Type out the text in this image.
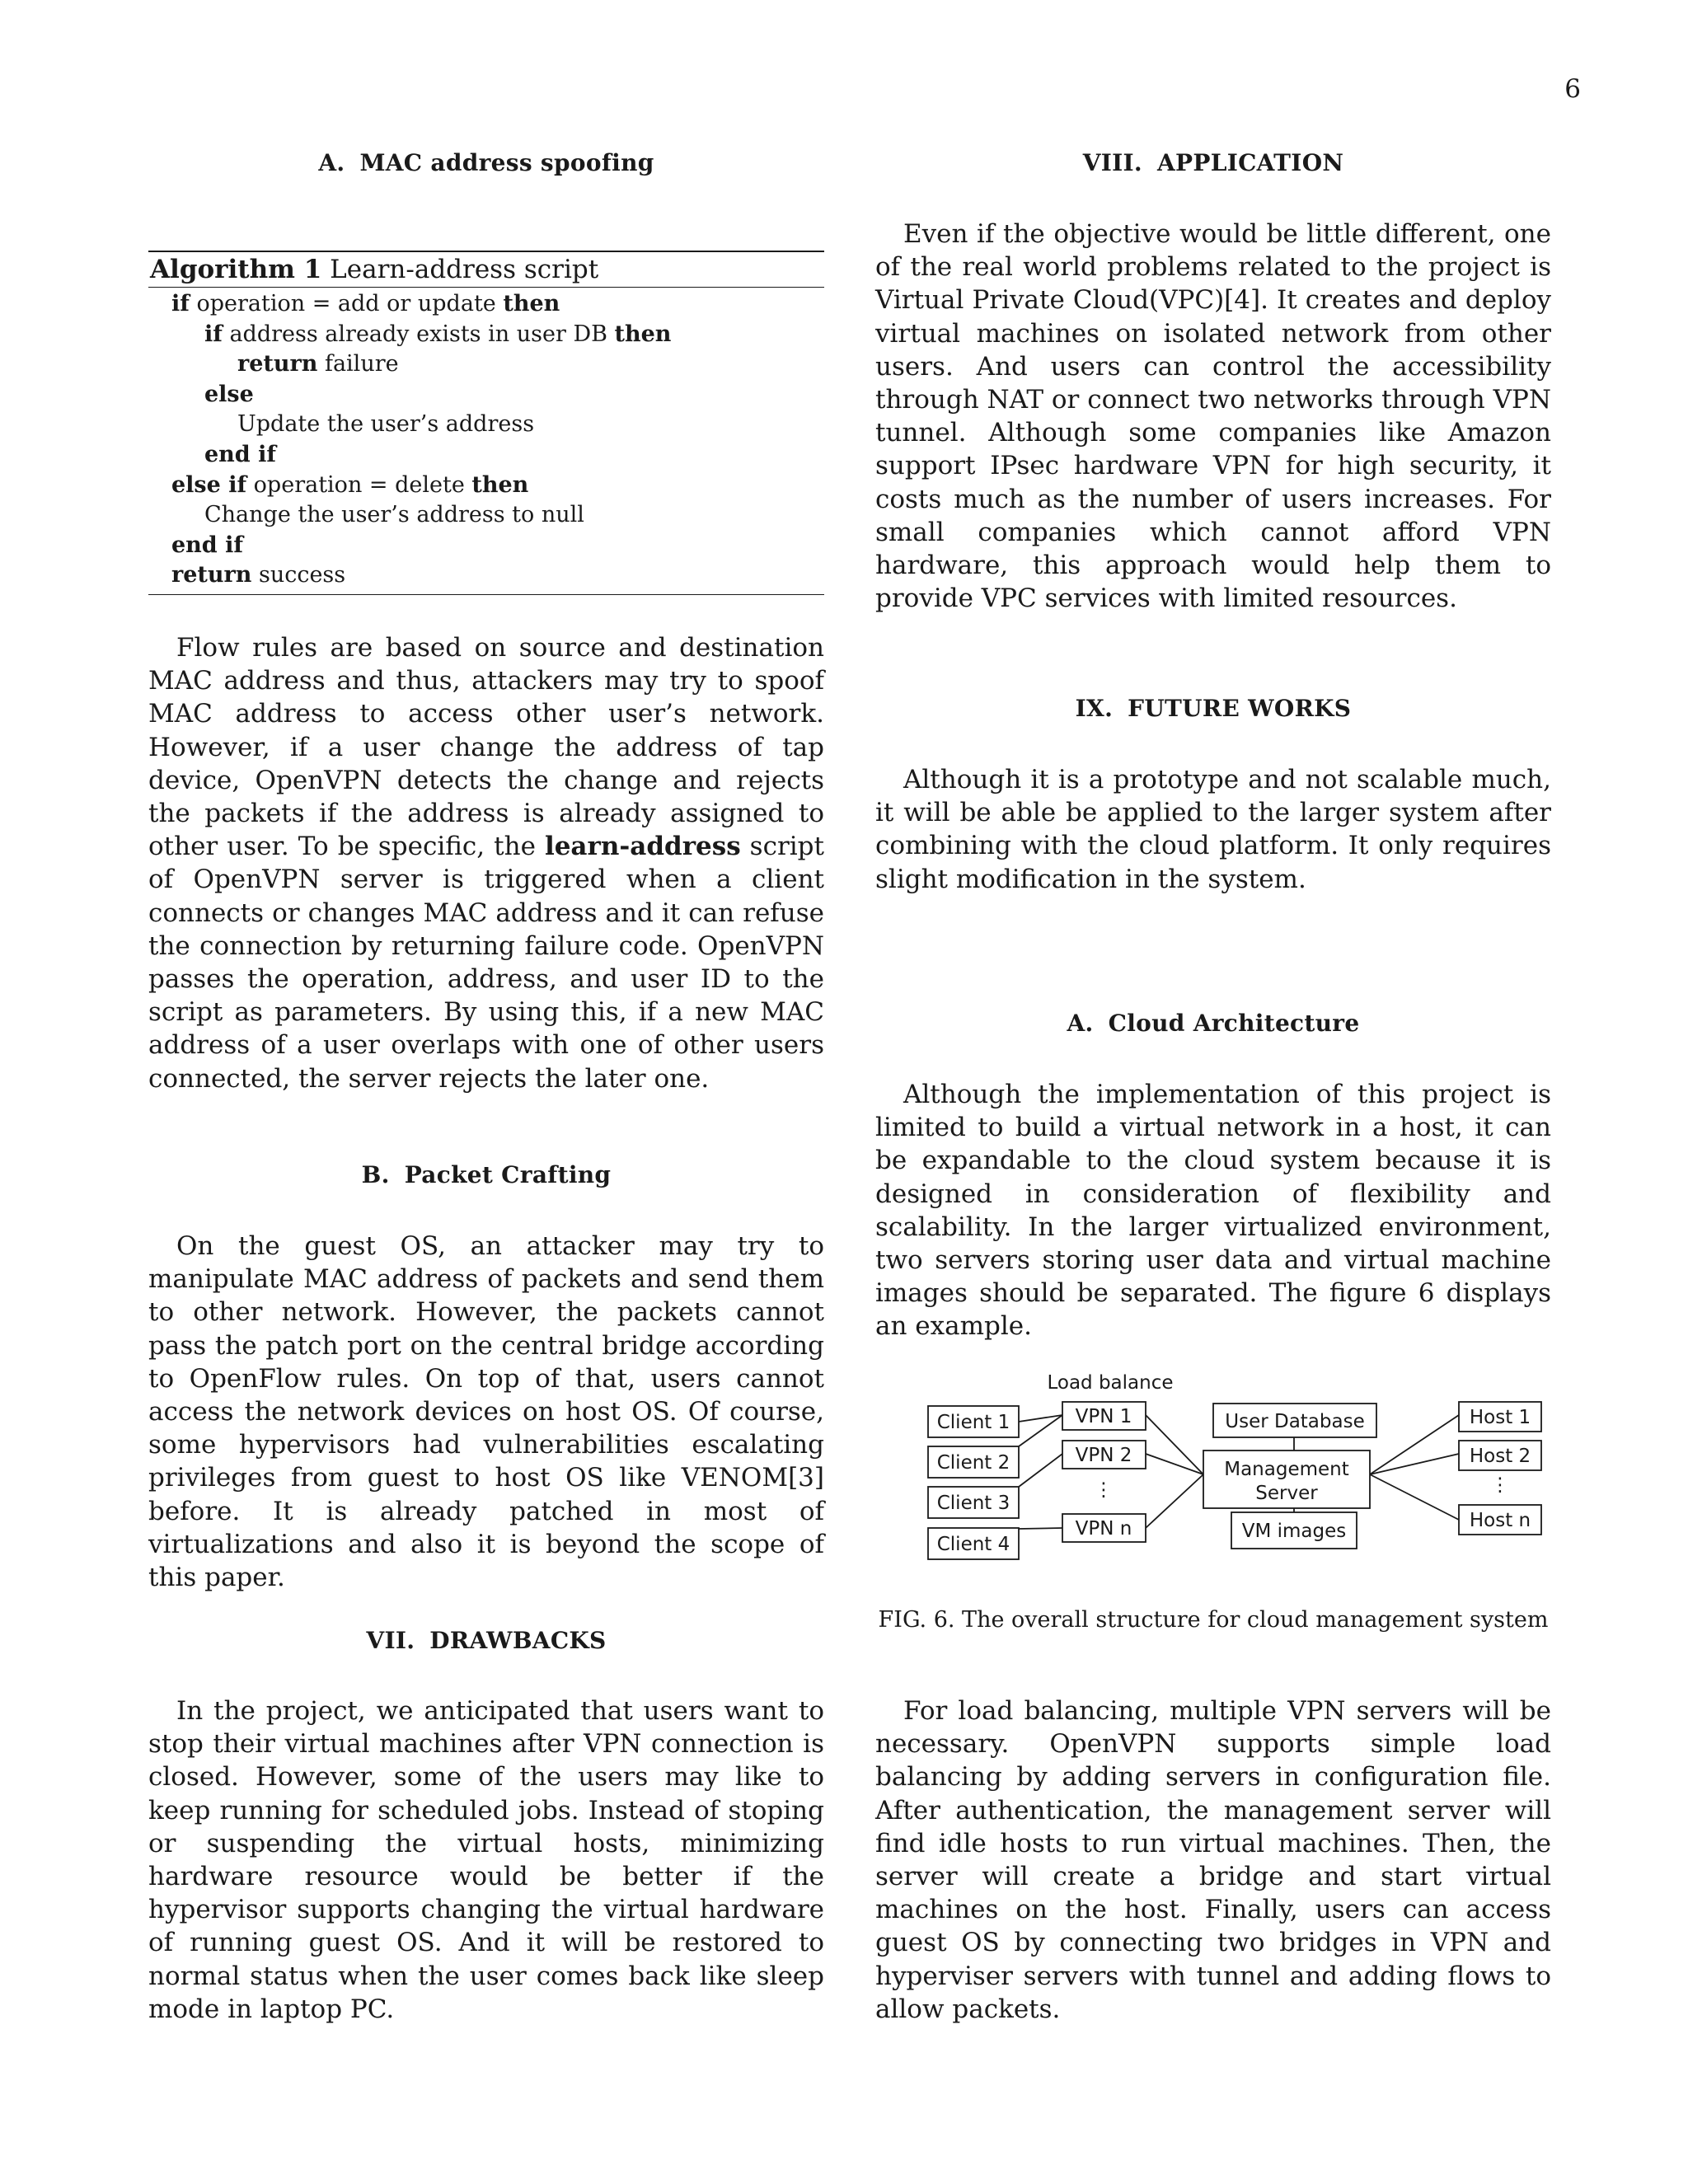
6
A. MAC address spoofing
Algorithm 1 Learn-address script
if operation = add or update then
if address already exists in user DB then
return failure
else
Update the user’s address
end if
else if operation = delete then
Change the user’s address to null
end if
return success

Flow rules are based on source and destination MAC address and thus, attackers may try to spoof MAC address to access other user’s network. However, if a user change the address of tap device, OpenVPN detects the change and rejects the packets if the address is already assigned to other user. To be specific, the learn-address script of OpenVPN server is triggered when a client connects or changes MAC address and it can refuse the connection by returning failure code. OpenVPN passes the operation, address, and user ID to the script as parameters. By using this, if a new MAC address of a user overlaps with one of other users connected, the server rejects the later one.

B. Packet Crafting

On the guest OS, an attacker may try to manipulate MAC address of packets and send them to other network. However, the packets cannot pass the patch port on the central bridge according to OpenFlow rules. On top of that, users cannot access the network devices on host OS. Of course, some hypervisors had vulnerabilities escalating privileges from guest to host OS like VENOM[3] before. It is already patched in most of virtualizations and also it is beyond the scope of this paper.

VII. DRAWBACKS

In the project, we anticipated that users want to stop their virtual machines after VPN connection is closed. However, some of the users may like to keep running for scheduled jobs. Instead of stoping or suspending the virtual hosts, minimizing hardware resource would be better if the hypervisor supports changing the virtual hardware of running guest OS. And it will be restored to normal status when the user comes back like sleep mode in laptop PC.

VIII. APPLICATION

Even if the objective would be little different, one of the real world problems related to the project is Virtual Private Cloud(VPC)[4]. It creates and deploy virtual machines on isolated network from other users. And users can control the accessibility through NAT or connect two networks through VPN tunnel. Although some companies like Amazon support IPsec hardware VPN for high security, it costs much as the number of users increases. For small companies which cannot afford VPN hardware, this approach would help them to provide VPC services with limited resources.

IX. FUTURE WORKS

Although it is a prototype and not scalable much, it will be able be applied to the larger system after combining with the cloud platform. It only requires slight modification in the system.

A. Cloud Architecture

Although the implementation of this project is limited to build a virtual network in a host, it can be expandable to the cloud system because it is designed in consideration of flexibility and scalability. In the larger virtualized environment, two servers storing user data and virtual machine images should be separated. The figure 6 displays an example.

Load balance
Client 1
Client 2
Client 3
Client 4
VPN 1
VPN 2
⋮
VPN n
User Database
Management
Server
VM images
Host 1
Host 2
⋮
Host n
FIG. 6. The overall structure for cloud management system

For load balancing, multiple VPN servers will be necessary. OpenVPN supports simple load balancing by adding servers in configuration file. After authentication, the management server will find idle hosts to run virtual machines. Then, the server will create a bridge and start virtual machines on the host. Finally, users can access guest OS by connecting two bridges in VPN and hyperviser servers with tunnel and adding flows to allow packets.
